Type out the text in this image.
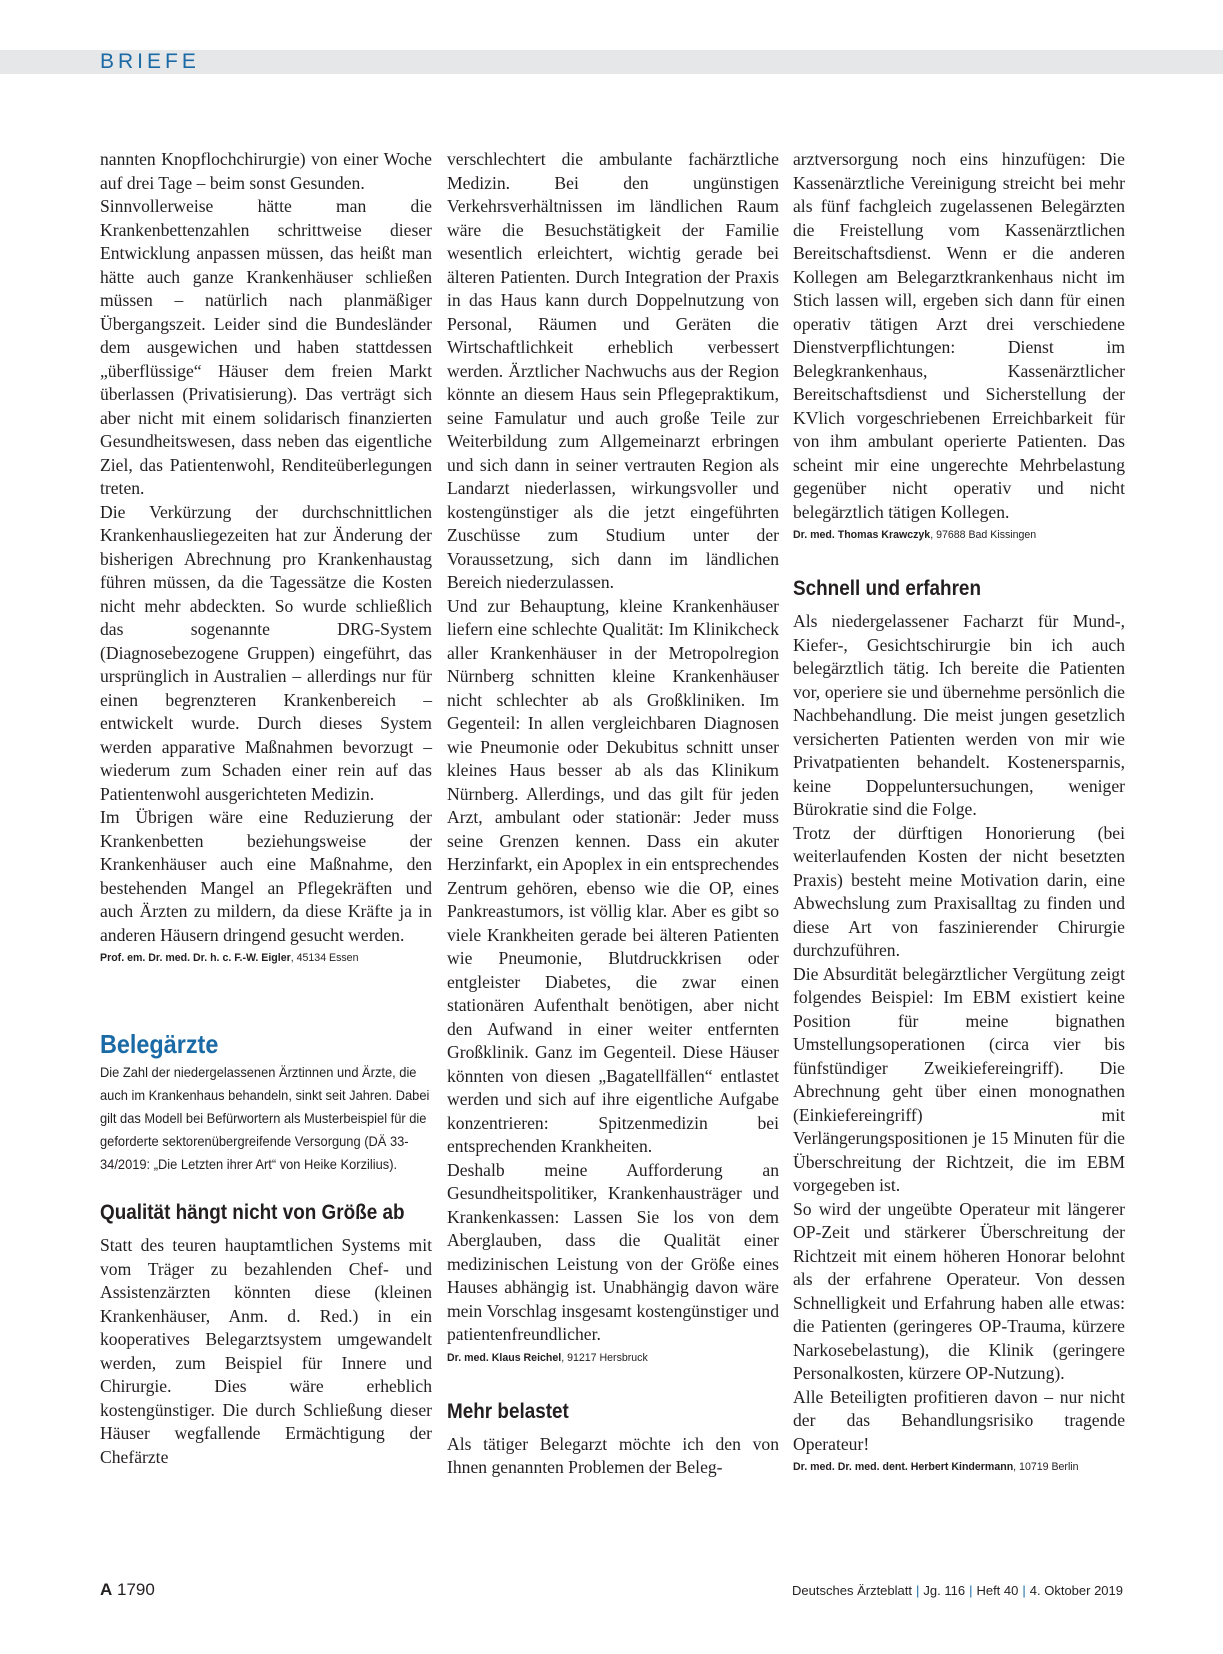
BRIEFE

nannten Knopflochchirurgie) von einer Woche auf drei Tage – beim sonst Gesunden.

Sinnvollerweise hätte man die Krankenbettenzahlen schrittweise dieser Entwicklung anpassen müssen, das heißt man hätte auch ganze Krankenhäuser schließen müssen – natürlich nach planmäßiger Übergangszeit. Leider sind die Bundesländer dem ausgewichen und haben stattdessen „überflüssige“ Häuser dem freien Markt überlassen (Privatisierung). Das verträgt sich aber nicht mit einem solidarisch finanzierten Gesundheitswesen, dass neben das eigentliche Ziel, das Patientenwohl, Renditeüberlegungen treten.

Die Verkürzung der durchschnittlichen Krankenhausliegezeiten hat zur Änderung der bisherigen Abrechnung pro Krankenhaustag führen müssen, da die Tagessätze die Kosten nicht mehr abdeckten. So wurde schließlich das sogenannte DRG-System (Diagnosebezogene Gruppen) eingeführt, das ursprünglich in Australien – allerdings nur für einen begrenzteren Krankenbereich – entwickelt wurde. Durch dieses System werden apparative Maßnahmen bevorzugt – wiederum zum Schaden einer rein auf das Patientenwohl ausgerichteten Medizin.

Im Übrigen wäre eine Reduzierung der Krankenbetten beziehungsweise der Krankenhäuser auch eine Maßnahme, den bestehenden Mangel an Pflegekräften und auch Ärzten zu mildern, da diese Kräfte ja in anderen Häusern dringend gesucht werden.

Prof. em. Dr. med. Dr. h. c. F.-W. Eigler, 45134 Essen

Belegärzte

Die Zahl der niedergelassenen Ärztinnen und Ärzte, die auch im Krankenhaus behandeln, sinkt seit Jahren. Dabei gilt das Modell bei Befürwortern als Musterbeispiel für die geforderte sektorenübergreifende Versorgung (DÄ 33-34/2019: „Die Letzten ihrer Art“ von Heike Korzilius).

Qualität hängt nicht von Größe ab

Statt des teuren hauptamtlichen Systems mit vom Träger zu bezahlenden Chef- und Assistenzärzten könnten diese (kleinen Krankenhäuser, Anm. d. Red.) in ein kooperatives Belegarztsystem umgewandelt werden, zum Beispiel für Innere und Chirurgie. Dies wäre erheblich kostengünstiger. Die durch Schließung dieser Häuser wegfallende Ermächtigung der Chefärzte

verschlechtert die ambulante fachärztliche Medizin. Bei den ungünstigen Verkehrsverhältnissen im ländlichen Raum wäre die Besuchstätigkeit der Familie wesentlich erleichtert, wichtig gerade bei älteren Patienten. Durch Integration der Praxis in das Haus kann durch Doppelnutzung von Personal, Räumen und Geräten die Wirtschaftlichkeit erheblich verbessert werden. Ärztlicher Nachwuchs aus der Region könnte an diesem Haus sein Pflegepraktikum, seine Famulatur und auch große Teile zur Weiterbildung zum Allgemeinarzt erbringen und sich dann in seiner vertrauten Region als Landarzt niederlassen, wirkungsvoller und kostengünstiger als die jetzt eingeführten Zuschüsse zum Studium unter der Voraussetzung, sich dann im ländlichen Bereich niederzulassen.

Und zur Behauptung, kleine Krankenhäuser liefern eine schlechte Qualität: Im Klinikcheck aller Krankenhäuser in der Metropolregion Nürnberg schnitten kleine Krankenhäuser nicht schlechter ab als Großkliniken. Im Gegenteil: In allen vergleichbaren Diagnosen wie Pneumonie oder Dekubitus schnitt unser kleines Haus besser ab als das Klinikum Nürnberg. Allerdings, und das gilt für jeden Arzt, ambulant oder stationär: Jeder muss seine Grenzen kennen. Dass ein akuter Herzinfarkt, ein Apoplex in ein entsprechendes Zentrum gehören, ebenso wie die OP, eines Pankreastumors, ist völlig klar. Aber es gibt so viele Krankheiten gerade bei älteren Patienten wie Pneumonie, Blutdruckkrisen oder entgleister Diabetes, die zwar einen stationären Aufenthalt benötigen, aber nicht den Aufwand in einer weiter entfernten Großklinik. Ganz im Gegenteil. Diese Häuser könnten von diesen „Bagatellfällen“ entlastet werden und sich auf ihre eigentliche Aufgabe konzentrieren: Spitzenmedizin bei entsprechenden Krankheiten.

Deshalb meine Aufforderung an Gesundheitspolitiker, Krankenhausträger und Krankenkassen: Lassen Sie los von dem Aberglauben, dass die Qualität einer medizinischen Leistung von der Größe eines Hauses abhängig ist. Unabhängig davon wäre mein Vorschlag insgesamt kostengünstiger und patientenfreundlicher.

Dr. med. Klaus Reichel, 91217 Hersbruck

Mehr belastet

Als tätiger Belegarzt möchte ich den von Ihnen genannten Problemen der Beleg-

arztversorgung noch eins hinzufügen: Die Kassenärztliche Vereinigung streicht bei mehr als fünf fachgleich zugelassenen Belegärzten die Freistellung vom Kassenärztlichen Bereitschaftsdienst. Wenn er die anderen Kollegen am Belegarztkrankenhaus nicht im Stich lassen will, ergeben sich dann für einen operativ tätigen Arzt drei verschiedene Dienstverpflichtungen: Dienst im Belegkrankenhaus, Kassenärztlicher Bereitschaftsdienst und Sicherstellung der KVlich vorgeschriebenen Erreichbarkeit für von ihm ambulant operierte Patienten. Das scheint mir eine ungerechte Mehrbelastung gegenüber nicht operativ und nicht belegärztlich tätigen Kollegen.

Dr. med. Thomas Krawczyk, 97688 Bad Kissingen

Schnell und erfahren

Als niedergelassener Facharzt für Mund-, Kiefer-, Gesichtschirurgie bin ich auch belegärztlich tätig. Ich bereite die Patienten vor, operiere sie und übernehme persönlich die Nachbehandlung. Die meist jungen gesetzlich versicherten Patienten werden von mir wie Privatpatienten behandelt. Kostenersparnis, keine Doppeluntersuchungen, weniger Bürokratie sind die Folge.

Trotz der dürftigen Honorierung (bei weiterlaufenden Kosten der nicht besetzten Praxis) besteht meine Motivation darin, eine Abwechslung zum Praxisalltag zu finden und diese Art von faszinierender Chirurgie durchzuführen.

Die Absurdität belegärztlicher Vergütung zeigt folgendes Beispiel: Im EBM existiert keine Position für meine bignathen Umstellungsoperationen (circa vier bis fünfstündiger Zweikiefereingriff). Die Abrechnung geht über einen monognathen (Einkiefereingriff) mit Verlängerungspositionen je 15 Minuten für die Überschreitung der Richtzeit, die im EBM vorgegeben ist.

So wird der ungeübte Operateur mit längerer OP-Zeit und stärkerer Überschreitung der Richtzeit mit einem höheren Honorar belohnt als der erfahrene Operateur. Von dessen Schnelligkeit und Erfahrung haben alle etwas: die Patienten (geringeres OP-Trauma, kürzere Narkosebelastung), die Klinik (geringere Personalkosten, kürzere OP-Nutzung).

Alle Beteiligten profitieren davon – nur nicht der das Behandlungsrisiko tragende Operateur!

Dr. med. Dr. med. dent. Herbert Kindermann, 10719 Berlin

A 1790	Deutsches Ärzteblatt | Jg. 116 | Heft 40 | 4. Oktober 2019
